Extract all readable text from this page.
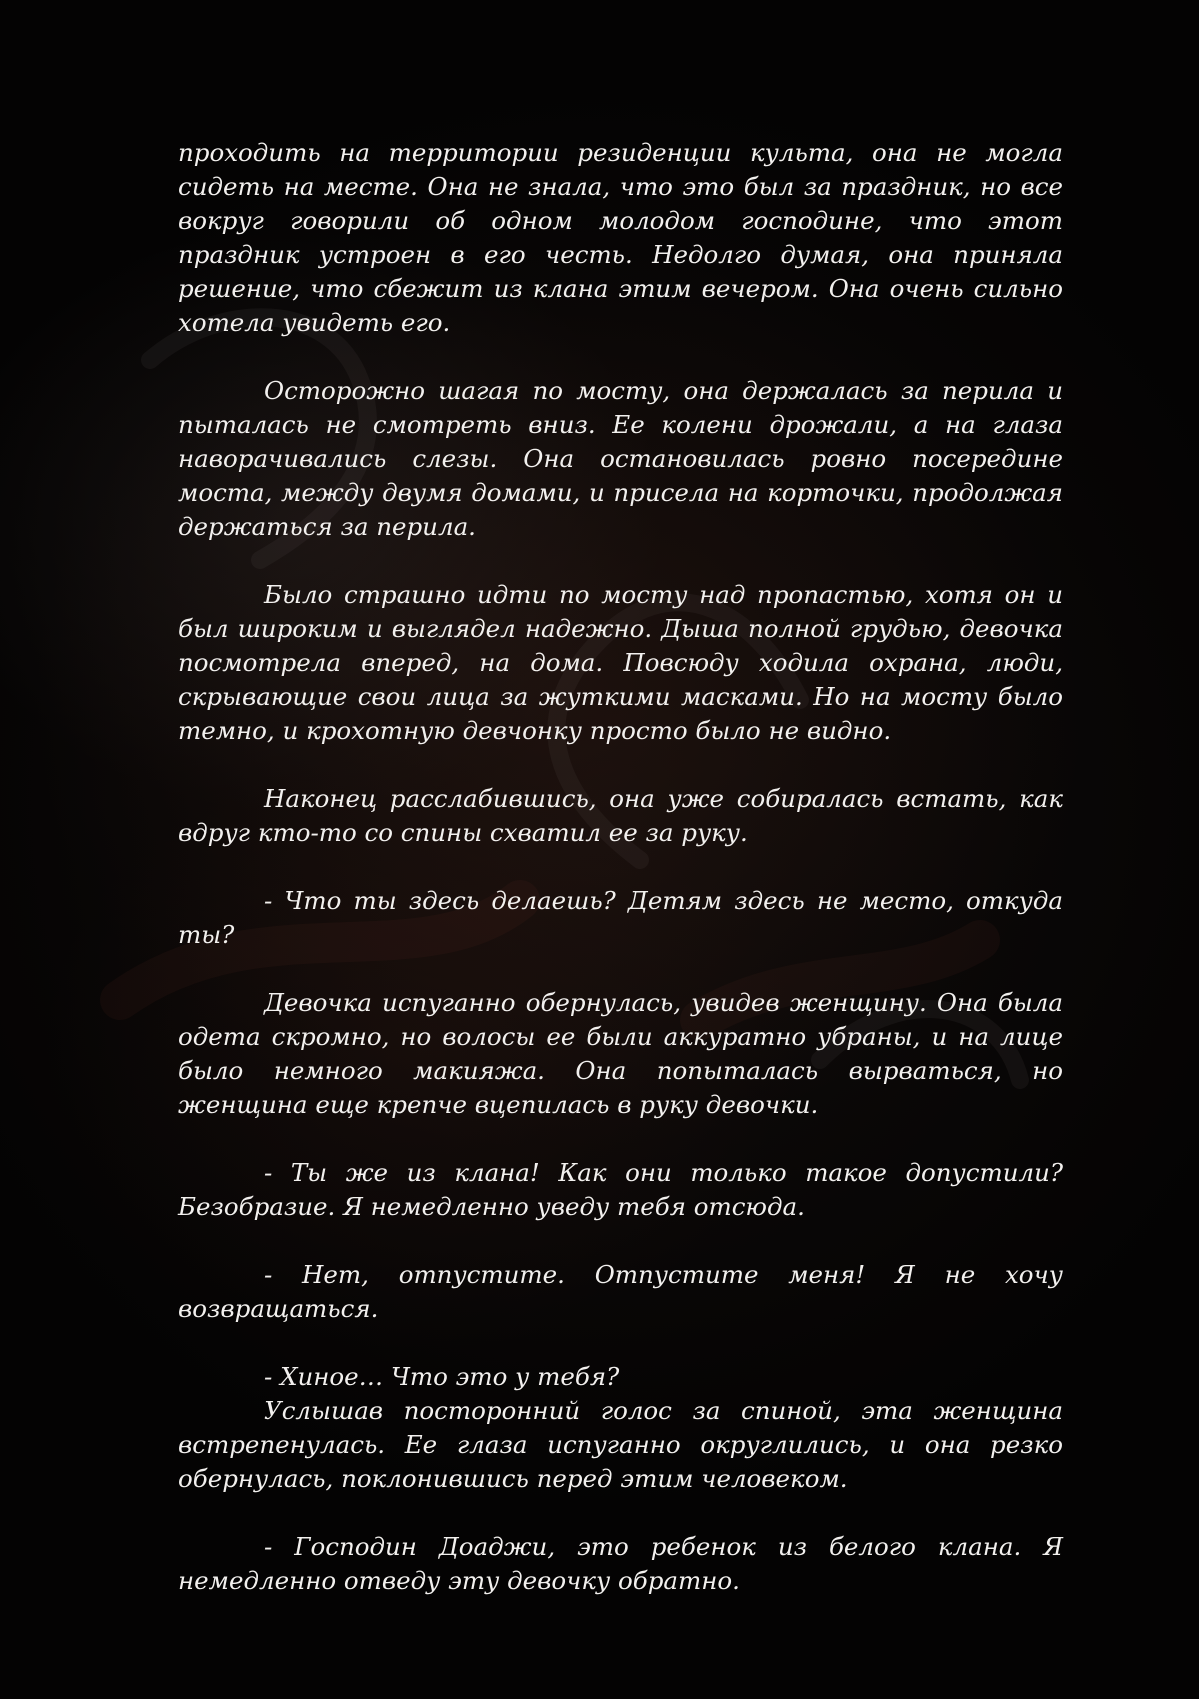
проходить на территории резиденции культа, она не могла сидеть на месте. Она не знала, что это был за праздник, но все вокруг говорили об одном молодом господине, что этот праздник устроен в его честь. Недолго думая, она приняла решение, что сбежит из клана этим вечером. Она очень сильно хотела увидеть его.

Осторожно шагая по мосту, она держалась за перила и пыталась не смотреть вниз. Ее колени дрожали, а на глаза наворачивались слезы. Она остановилась ровно посередине моста, между двумя домами, и присела на корточки, продолжая держаться за перила.

Было страшно идти по мосту над пропастью, хотя он и был широким и выглядел надежно. Дыша полной грудью, девочка посмотрела вперед, на дома. Повсюду ходила охрана, люди, скрывающие свои лица за жуткими масками. Но на мосту было темно, и крохотную девчонку просто было не видно.

Наконец расслабившись, она уже собиралась встать, как вдруг кто-то со спины схватил ее за руку.

- Что ты здесь делаешь? Детям здесь не место, откуда ты?

Девочка испуганно обернулась, увидев женщину. Она была одета скромно, но волосы ее были аккуратно убраны, и на лице было немного макияжа. Она попыталась вырваться, но женщина еще крепче вцепилась в руку девочки.

- Ты же из клана! Как они только такое допустили? Безобразие. Я немедленно уведу тебя отсюда.

- Нет, отпустите. Отпустите меня! Я не хочу возвращаться.

- Хиное… Что это у тебя?

Услышав посторонний голос за спиной, эта женщина встрепенулась. Ее глаза испуганно округлились, и она резко обернулась, поклонившись перед этим человеком.

- Господин Доаджи, это ребенок из белого клана. Я немедленно отведу эту девочку обратно.
